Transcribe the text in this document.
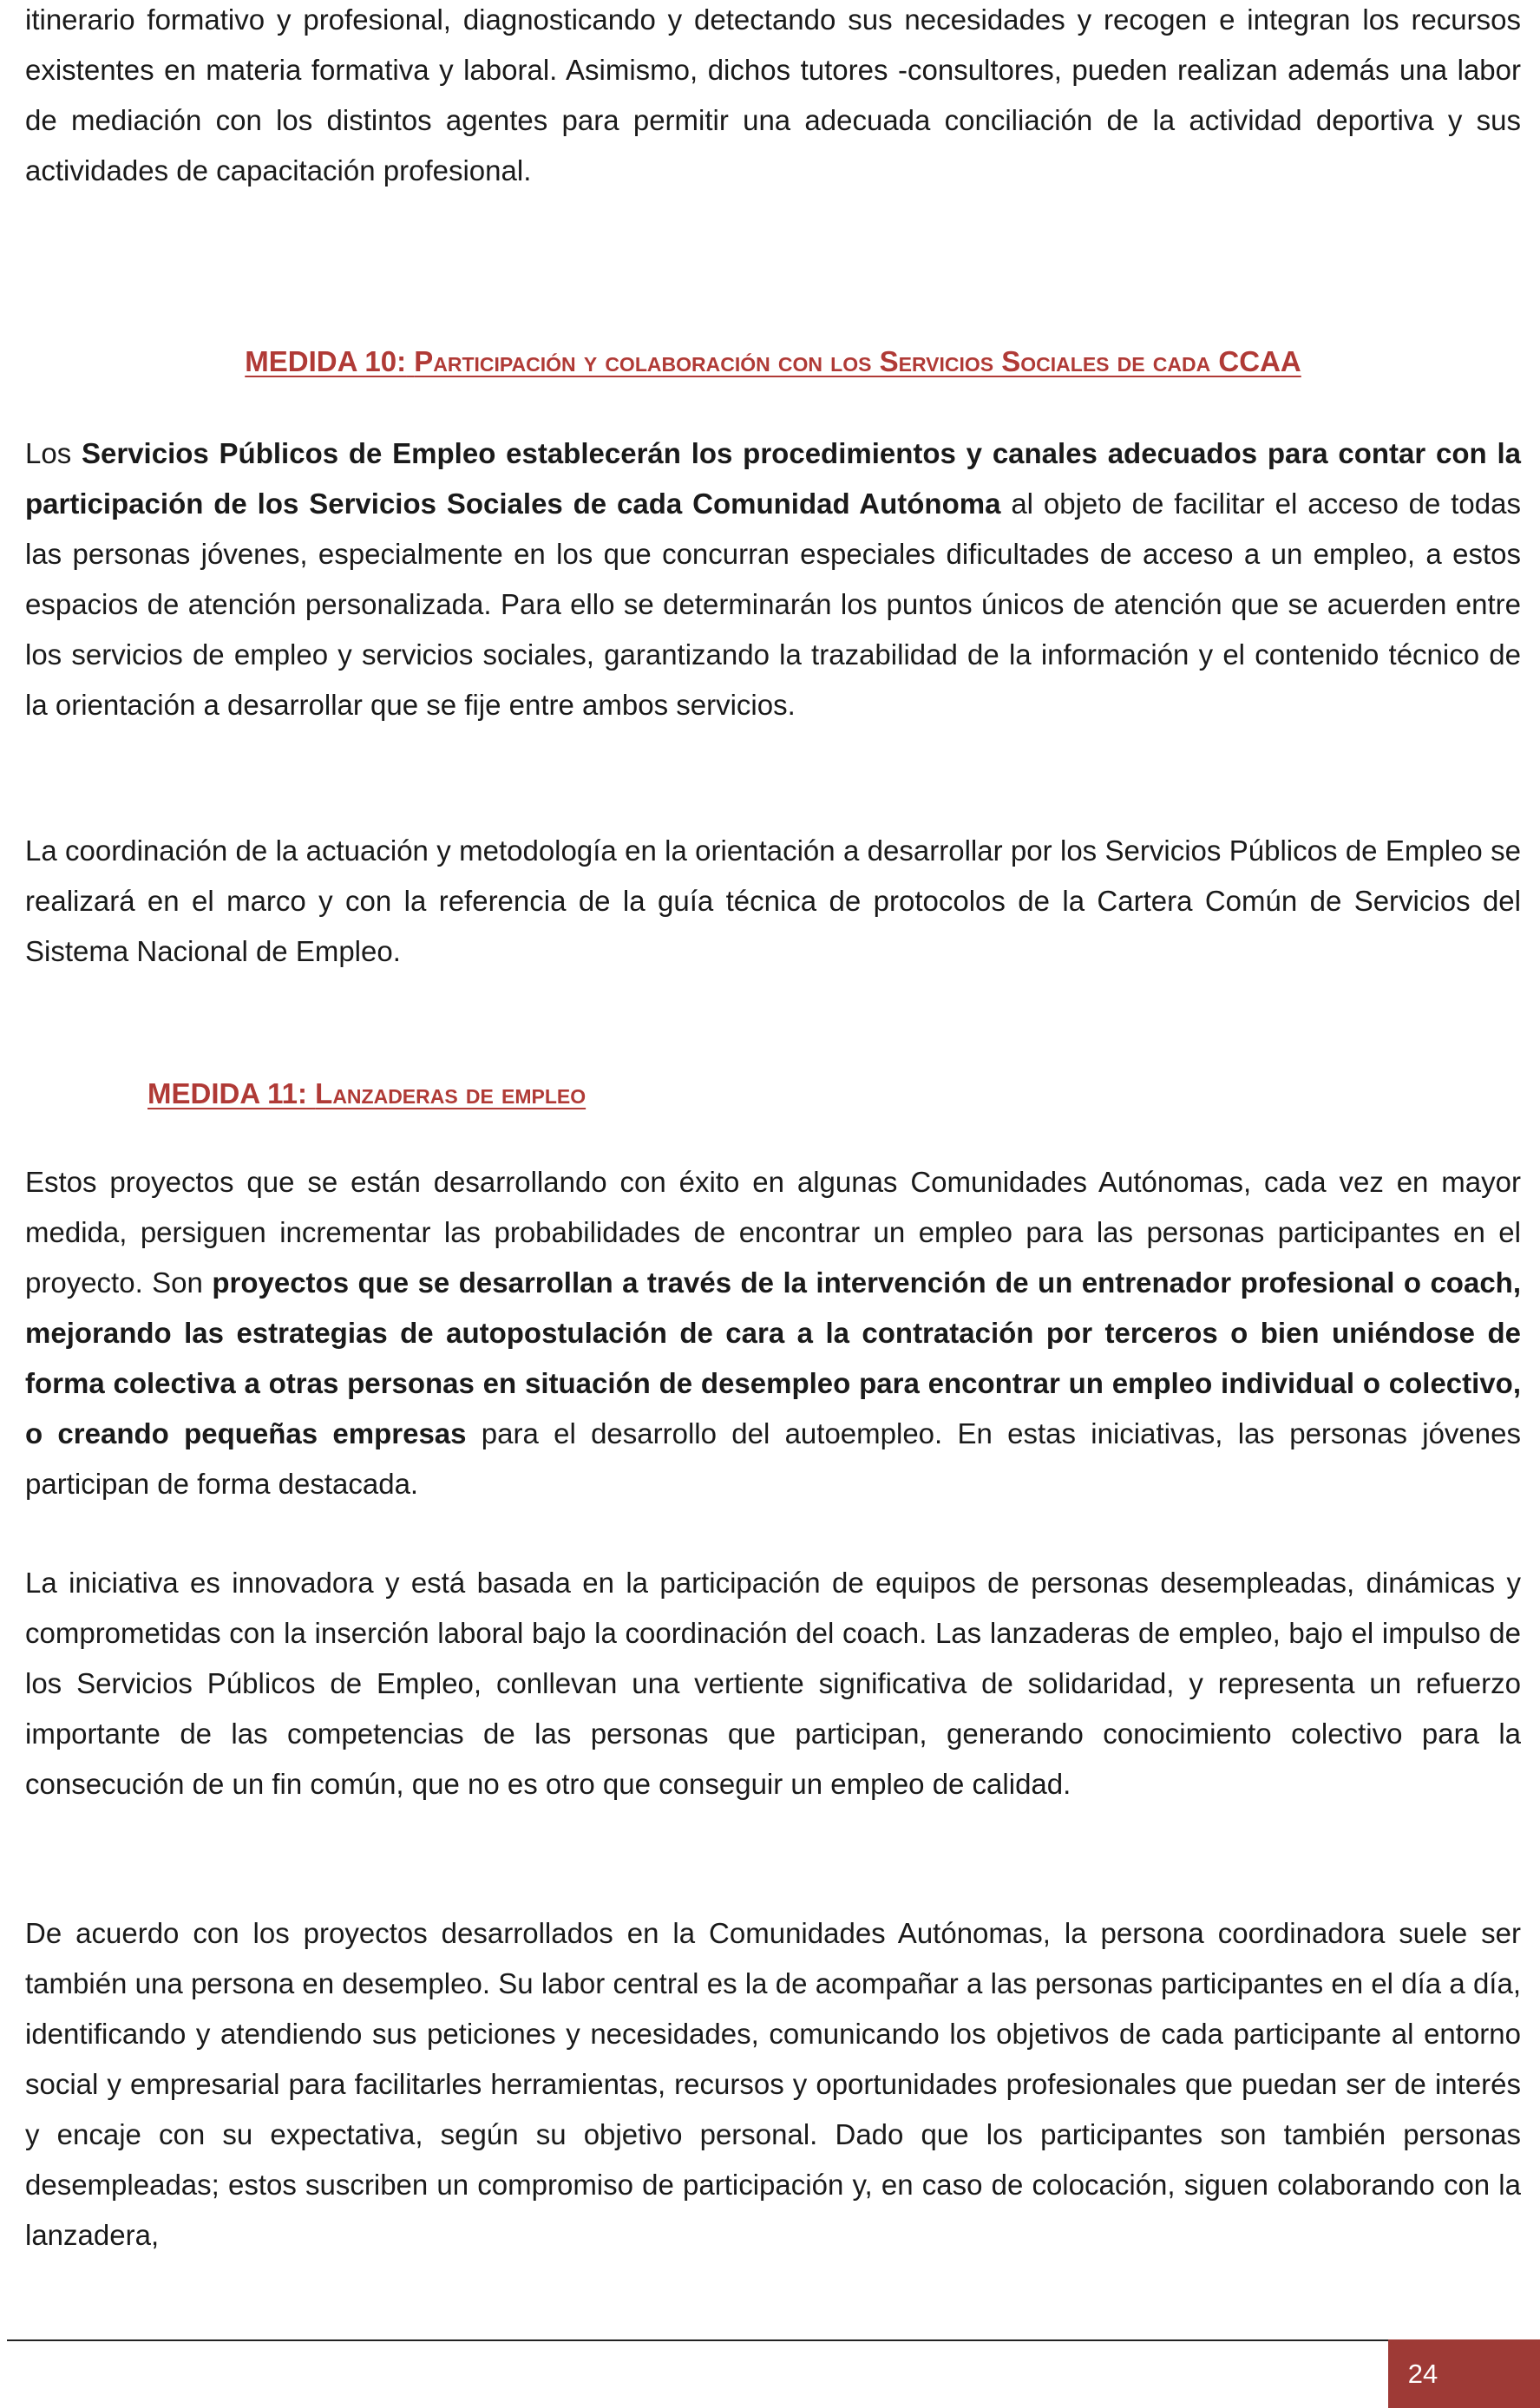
itinerario formativo y profesional, diagnosticando y detectando sus necesidades y recogen e integran los recursos existentes en materia formativa y laboral. Asimismo, dichos tutores -consultores, pueden realizan además una labor de mediación con los distintos agentes para permitir una adecuada conciliación de la actividad deportiva y sus actividades de capacitación profesional.

MEDIDA 10: Participación y colaboración con los Servicios Sociales de cada CCAA

Los Servicios Públicos de Empleo establecerán los procedimientos y canales adecuados para contar con la participación de los Servicios Sociales de cada Comunidad Autónoma al objeto de facilitar el acceso de todas las personas jóvenes, especialmente en los que concurran especiales dificultades de acceso a un empleo, a estos espacios de atención personalizada. Para ello se determinarán los puntos únicos de atención que se acuerden entre los servicios de empleo y servicios sociales, garantizando la trazabilidad de la información y el contenido técnico de la orientación a desarrollar que se fije entre ambos servicios.

La coordinación de la actuación y metodología en la orientación a desarrollar por los Servicios Públicos de Empleo se realizará en el marco y con la referencia de la guía técnica de protocolos de la Cartera Común de Servicios del Sistema Nacional de Empleo.

MEDIDA 11: Lanzaderas de empleo

Estos proyectos que se están desarrollando con éxito en algunas Comunidades Autónomas, cada vez en mayor medida, persiguen incrementar las probabilidades de encontrar un empleo para las personas participantes en el proyecto. Son proyectos que se desarrollan a través de la intervención de un entrenador profesional o coach, mejorando las estrategias de autopostulación de cara a la contratación por terceros o bien uniéndose de forma colectiva a otras personas en situación de desempleo para encontrar un empleo individual o colectivo, o creando pequeñas empresas para el desarrollo del autoempleo. En estas iniciativas, las personas jóvenes participan de forma destacada.

La iniciativa es innovadora y está basada en la participación de equipos de personas desempleadas, dinámicas y comprometidas con la inserción laboral bajo la coordinación del coach. Las lanzaderas de empleo, bajo el impulso de los Servicios Públicos de Empleo, conllevan una vertiente significativa de solidaridad, y representa un refuerzo importante de las competencias de las personas que participan, generando conocimiento colectivo para la consecución de un fin común, que no es otro que conseguir un empleo de calidad.

De acuerdo con los proyectos desarrollados en la Comunidades Autónomas, la persona coordinadora suele ser también una persona en desempleo. Su labor central es la de acompañar a las personas participantes en el día a día, identificando y atendiendo sus peticiones y necesidades, comunicando los objetivos de cada participante al entorno social y empresarial para facilitarles herramientas, recursos y oportunidades profesionales que puedan ser de interés y encaje con su expectativa, según su objetivo personal. Dado que los participantes son también personas desempleadas; estos suscriben un compromiso de participación y, en caso de colocación, siguen colaborando con la lanzadera,

24
